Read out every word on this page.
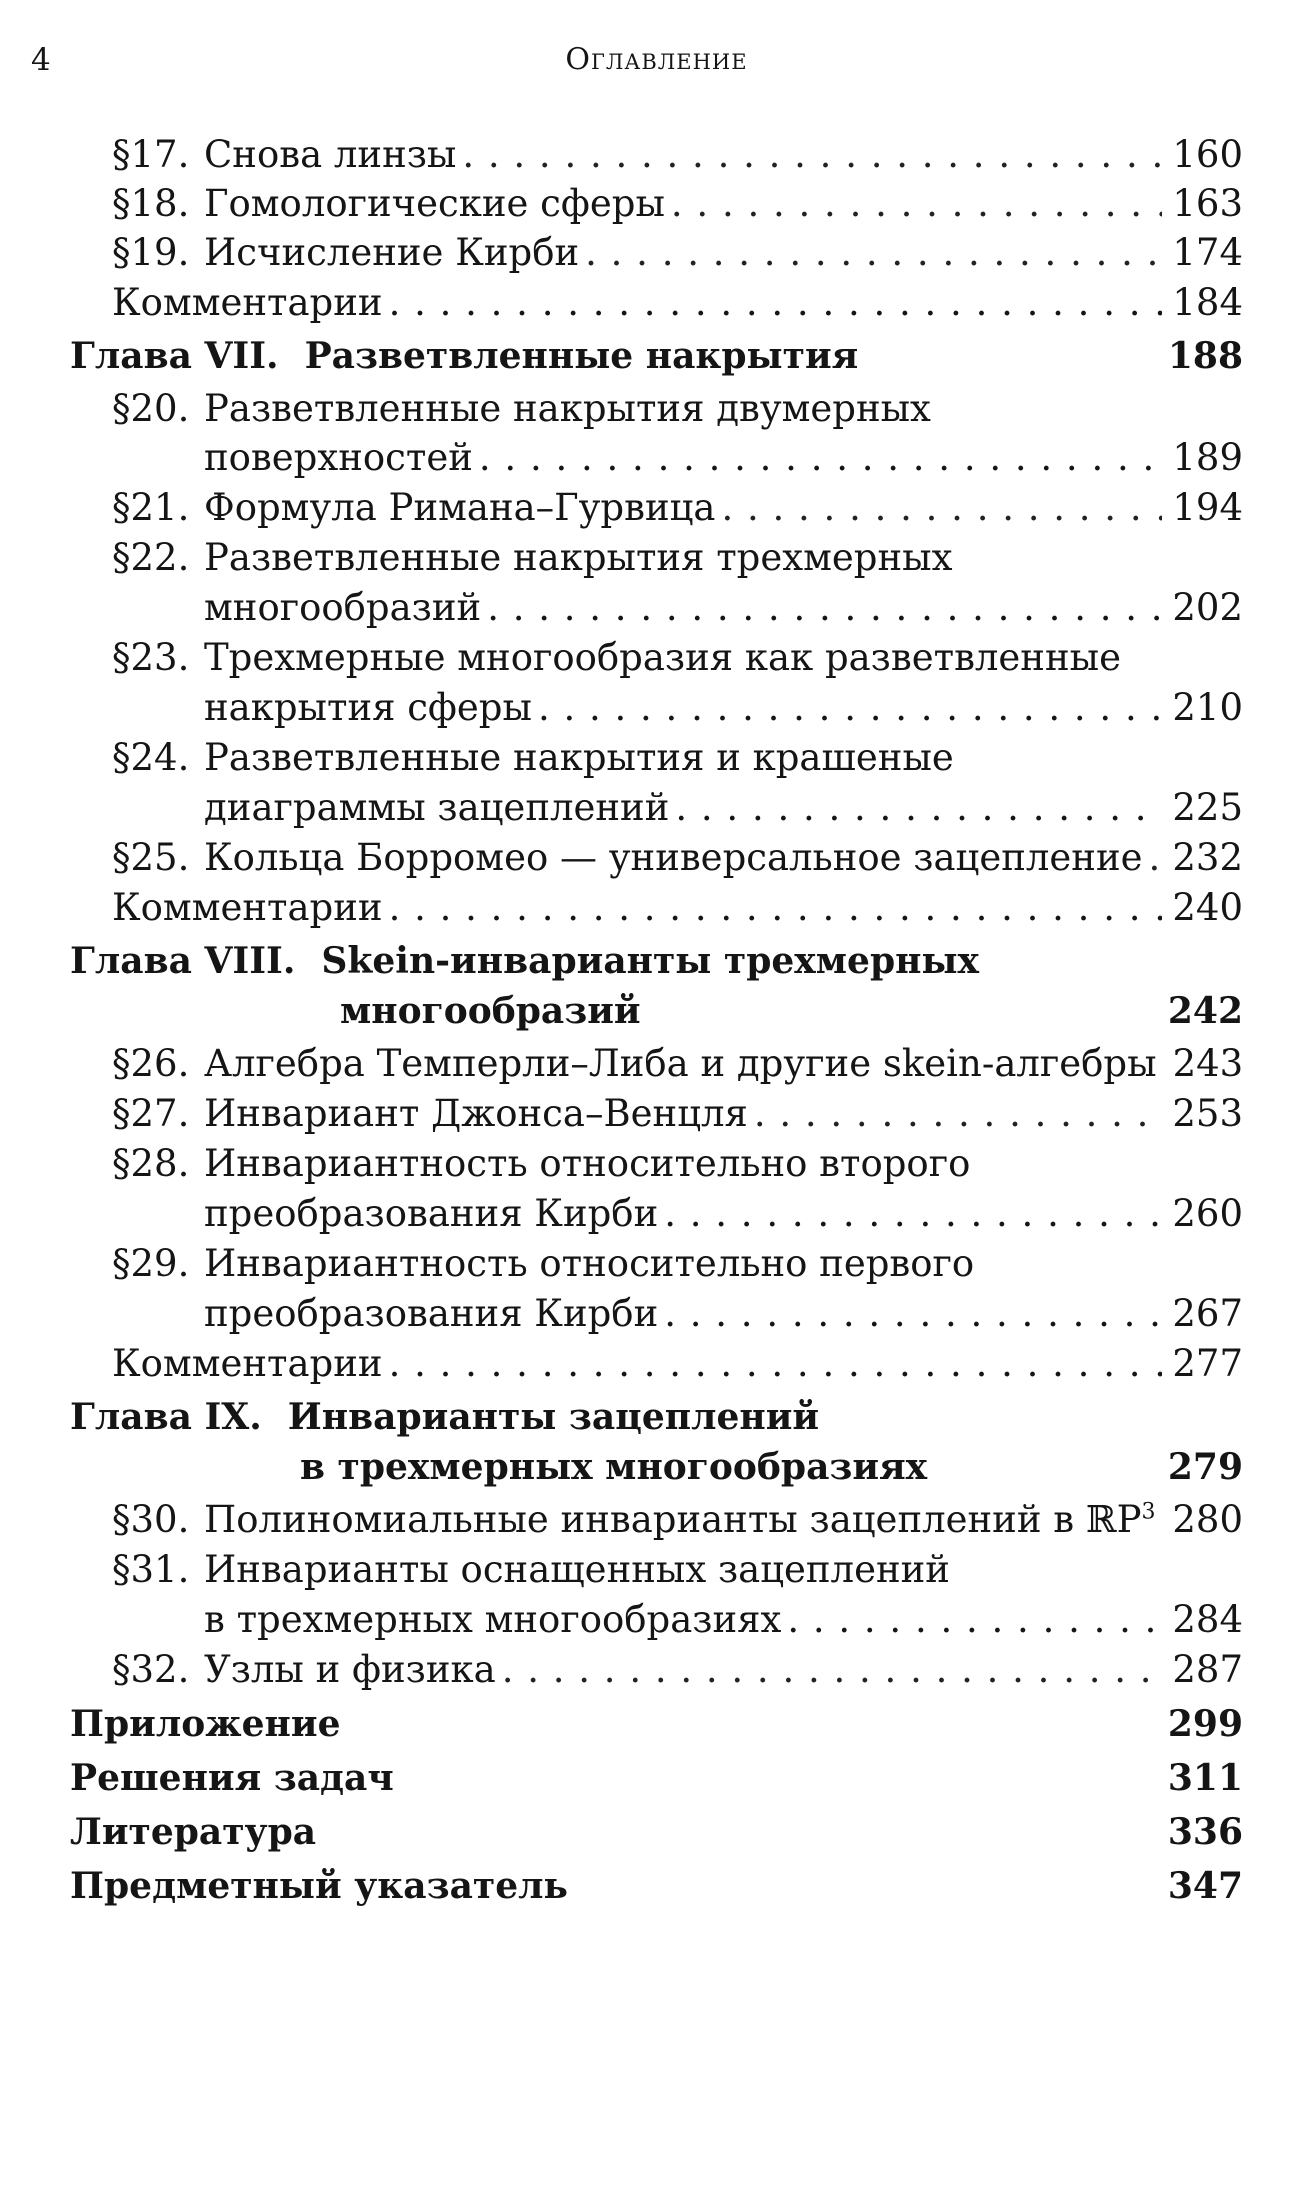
4	Оглавление
§17. Снова линзы . . .	160
§18. Гомологические сферы . . .	163
§19. Исчисление Кирби . . .	174
Комментарии . . .	184
Глава VII. Разветвленные накрытия	188
§20. Разветвленные накрытия двумерных
поверхностей . . .	189
§21. Формула Римана–Гурвица . . .	194
§22. Разветвленные накрытия трехмерных
многообразий . . .	202
§23. Трехмерные многообразия как разветвленные
накрытия сферы . . .	210
§24. Разветвленные накрытия и крашеные
диаграммы зацеплений . . .	225
§25. Кольца Борромео — универсальное зацепление . . . 232
Комментарии . . .	240
Глава VIII. Skein-инварианты трехмерных
многообразий	242
§26. Алгебра Темперли–Либа и другие skein-алгебры 243
§27. Инвариант Джонса–Венцля . . .	253
§28. Инвариантность относительно второго
преобразования Кирби . . .	260
§29. Инвариантность относительно первого
преобразования Кирби . . .	267
Комментарии . . .	277
Глава IX. Инварианты зацеплений
в трехмерных многообразиях	279
§30. Полиномиальные инварианты зацеплений в ℝP$^3$ . . . 280
§31. Инварианты оснащенных зацеплений
в трехмерных многообразиях . . .	284
§32. Узлы и физика . . .	287
Приложение	299
Решения задач	311
Литература	336
Предметный указатель	347
